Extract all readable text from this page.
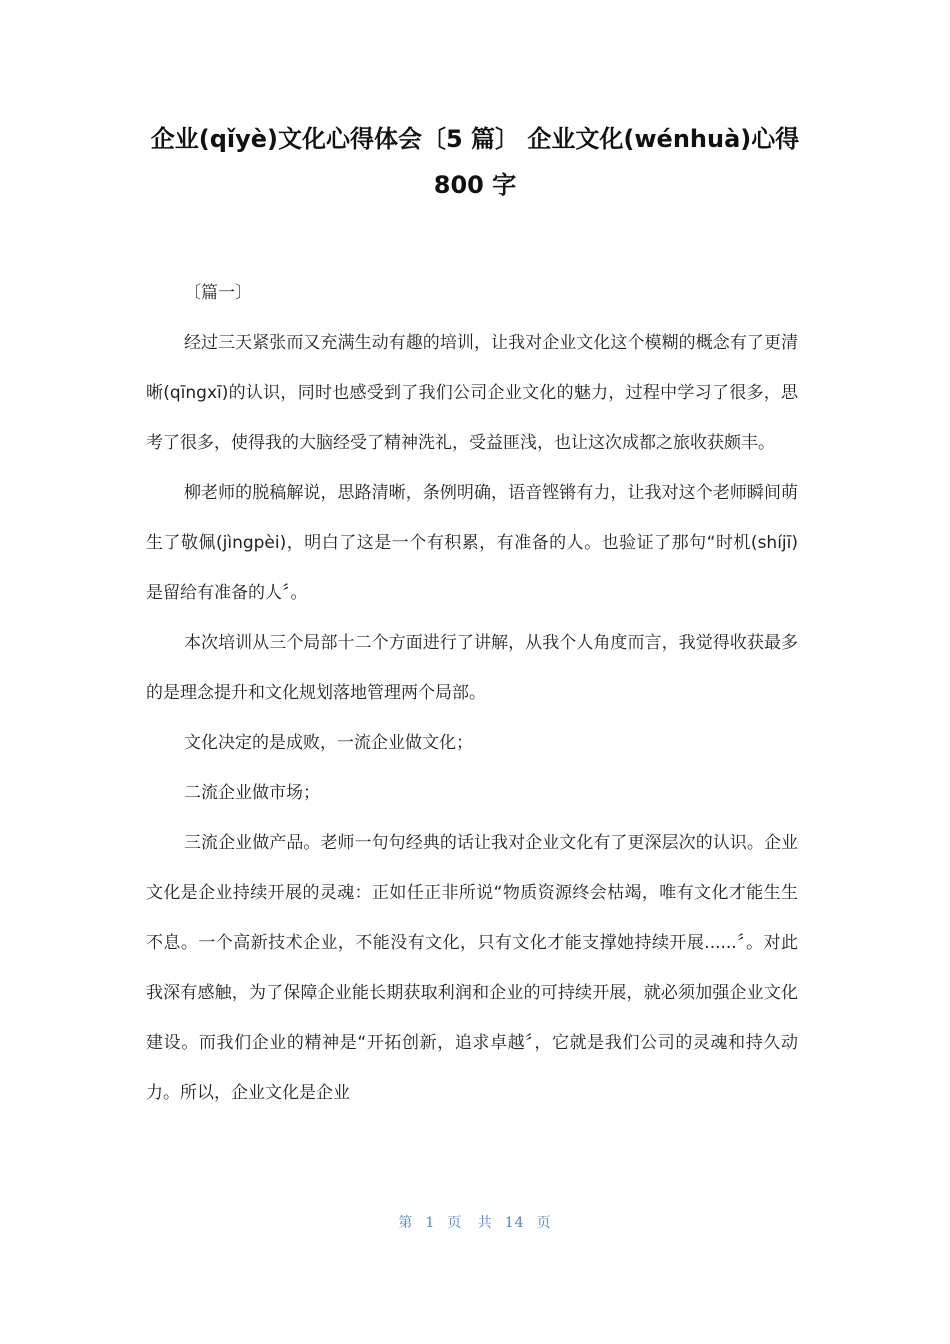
企业(qǐyè)文化心得体会〔5 篇〕 企业文化(wénhuà)心得 800 字

〔篇一〕

经过三天紧张而又充满生动有趣的培训，让我对企业文化这个模糊的概念有了更清晰(qīngxī)的认识，同时也感受到了我们公司企业文化的魅力，过程中学习了很多，思考了很多，使得我的大脑经受了精神洗礼，受益匪浅，也让这次成都之旅收获颇丰。

柳老师的脱稿解说，思路清晰，条例明确，语音铿锵有力，让我对这个老师瞬间萌生了敬佩(jìngpèi)，明白了这是一个有积累，有准备的人。也验证了那句“时机(shíjī)是留给有准备的人〞。

本次培训从三个局部十二个方面进行了讲解，从我个人角度而言，我觉得收获最多的是理念提升和文化规划落地管理两个局部。

文化决定的是成败，一流企业做文化；

二流企业做市场；

三流企业做产品。老师一句句经典的话让我对企业文化有了更深层次的认识。企业文化是企业持续开展的灵魂：正如任正非所说“物质资源终会枯竭，唯有文化才能生生不息。一个高新技术企业，不能没有文化，只有文化才能支撑她持续开展......〞。对此我深有感触，为了保障企业能长期获取利润和企业的可持续开展，就必须加强企业文化建设。而我们企业的精神是“开拓创新，追求卓越〞，它就是我们公司的灵魂和持久动力。所以，企业文化是企业

第 1 页 共 14 页
